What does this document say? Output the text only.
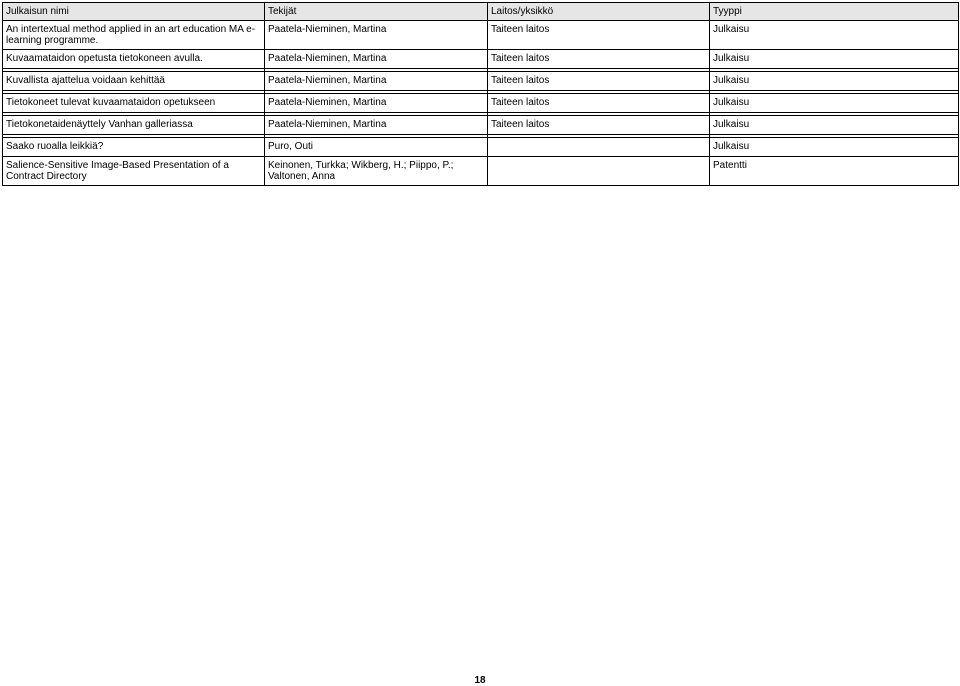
Julkaisun nimi	Tekijät	Laitos/yksikkö	Tyyppi
An intertextual method applied in an art education MA e-learning programme.	Paatela-Nieminen, Martina	Taiteen laitos	Julkaisu
Kuvaamataidon opetusta tietokoneen avulla.	Paatela-Nieminen, Martina	Taiteen laitos	Julkaisu

Kuvallista ajattelua voidaan kehittää	Paatela-Nieminen, Martina	Taiteen laitos	Julkaisu

Tietokoneet tulevat kuvaamataidon opetukseen	Paatela-Nieminen, Martina	Taiteen laitos	Julkaisu

Tietokonetaidenäyttely Vanhan galleriassa	Paatela-Nieminen, Martina	Taiteen laitos	Julkaisu

Saako ruoalla leikkiä?	Puro, Outi		Julkaisu
Salience-Sensitive Image-Based Presentation of a Contract Directory	Keinonen, Turkka; Wikberg, H.; Piippo, P.; Valtonen, Anna		Patentti
18
